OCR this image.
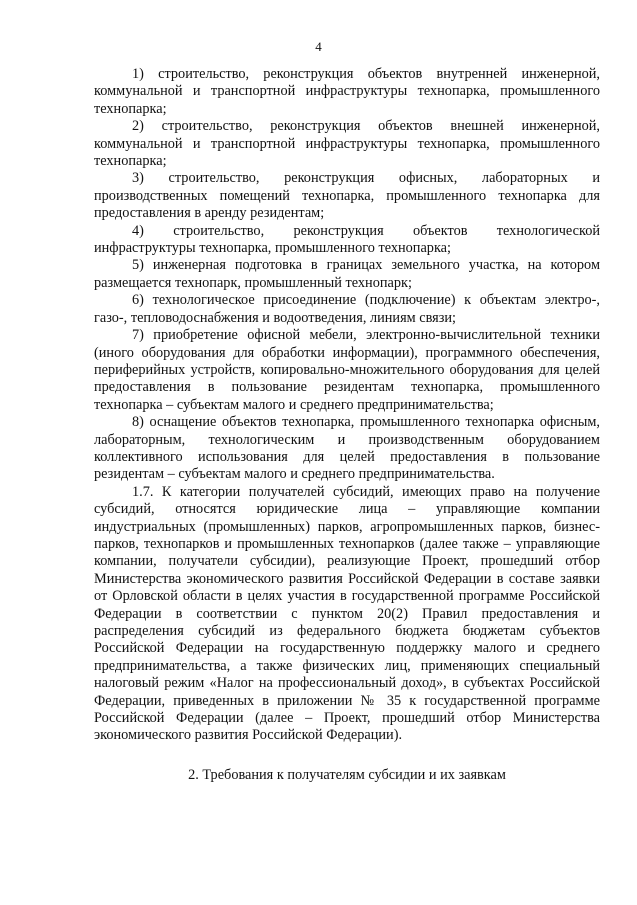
4

1) строительство, реконструкция объектов внутренней инженерной, коммунальной и транспортной инфраструктуры технопарка, промышленного технопарка;

2) строительство, реконструкция объектов внешней инженерной, коммунальной и транспортной инфраструктуры технопарка, промышленного технопарка;

3) строительство, реконструкция офисных, лабораторных и производственных помещений технопарка, промышленного технопарка для предоставления в аренду резидентам;

4) строительство, реконструкция объектов технологической инфраструктуры технопарка, промышленного технопарка;

5) инженерная подготовка в границах земельного участка, на котором размещается технопарк, промышленный технопарк;

6) технологическое присоединение (подключение) к объектам электро-, газо-, тепловодоснабжения и водоотведения, линиям связи;

7) приобретение офисной мебели, электронно-вычислительной техники (иного оборудования для обработки информации), программного обеспечения, периферийных устройств, копировально-множительного оборудования для целей предоставления в пользование резидентам технопарка, промышленного технопарка – субъектам малого и среднего предпринимательства;

8) оснащение объектов технопарка, промышленного технопарка офисным, лабораторным, технологическим и производственным оборудованием коллективного использования для целей предоставления в пользование резидентам – субъектам малого и среднего предпринимательства.

1.7. К категории получателей субсидий, имеющих право на получение субсидий, относятся юридические лица – управляющие компании индустриальных (промышленных) парков, агропромышленных парков, бизнес-парков, технопарков и промышленных технопарков (далее также – управляющие компании, получатели субсидии), реализующие Проект, прошедший отбор Министерства экономического развития Российской Федерации в составе заявки от Орловской области в целях участия в государственной программе Российской Федерации в соответствии с пунктом 20(2) Правил предоставления и распределения субсидий из федерального бюджета бюджетам субъектов Российской Федерации на государственную поддержку малого и среднего предпринимательства, а также физических лиц, применяющих специальный налоговый режим «Налог на профессиональный доход», в субъектах Российской Федерации, приведенных в приложении № 35 к государственной программе Российской Федерации (далее – Проект, прошедший отбор Министерства экономического развития Российской Федерации).

2. Требования к получателям субсидии и их заявкам
